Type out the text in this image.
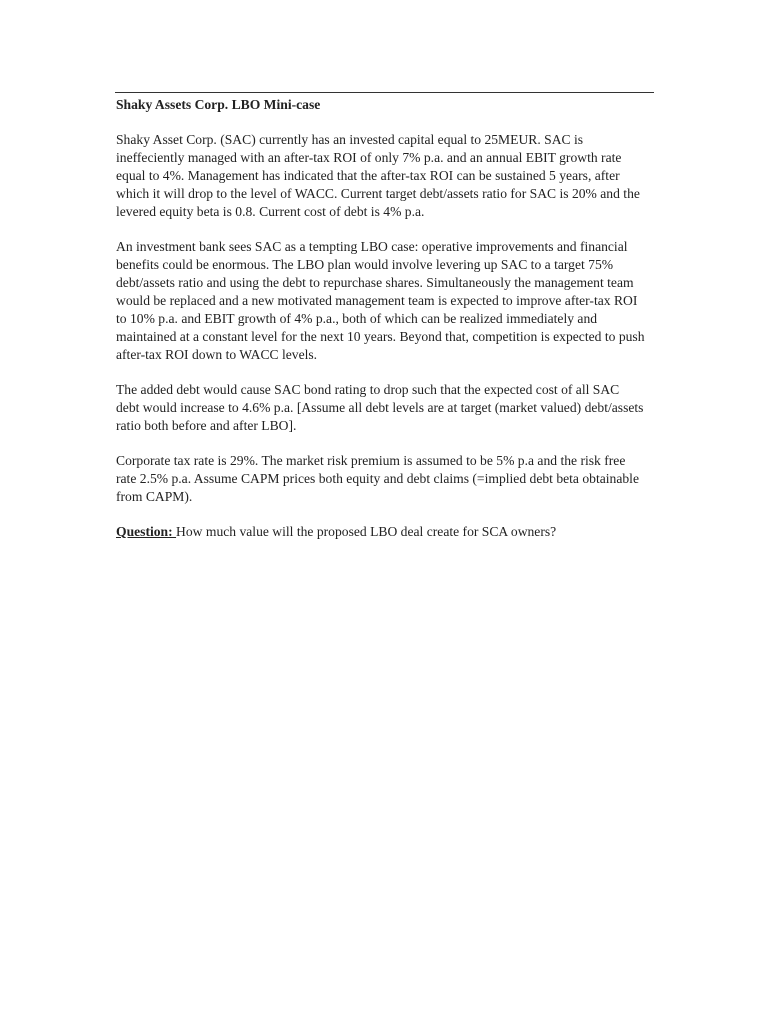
Shaky Assets Corp. LBO Mini-case

Shaky Asset Corp. (SAC) currently has an invested capital equal to 25MEUR. SAC is ineffeciently managed with an after-tax ROI of only 7% p.a. and an annual EBIT growth rate equal to 4%. Management has indicated that the after-tax ROI can be sustained 5 years, after which it will drop to the level of WACC. Current target debt/assets ratio for SAC is 20% and the levered equity beta is 0.8. Current cost of debt is 4% p.a.

An investment bank sees SAC as a tempting LBO case: operative improvements and financial benefits could be enormous. The LBO plan would involve levering up SAC to a target 75% debt/assets ratio and using the debt to repurchase shares. Simultaneously the management team would be replaced and a new motivated management team is expected to improve after-tax ROI to 10% p.a. and EBIT growth of 4% p.a., both of which can be realized immediately and maintained at a constant level for the next 10 years. Beyond that, competition is expected to push after-tax ROI down to WACC levels.

The added debt would cause SAC bond rating to drop such that the expected cost of all SAC debt would increase to 4.6% p.a. [Assume all debt levels are at target (market valued) debt/assets ratio both before and after LBO].

Corporate tax rate is 29%. The market risk premium is assumed to be 5% p.a and the risk free rate 2.5% p.a. Assume CAPM prices both equity and debt claims (=implied debt beta obtainable from CAPM).

Question: How much value will the proposed LBO deal create for SCA owners?
